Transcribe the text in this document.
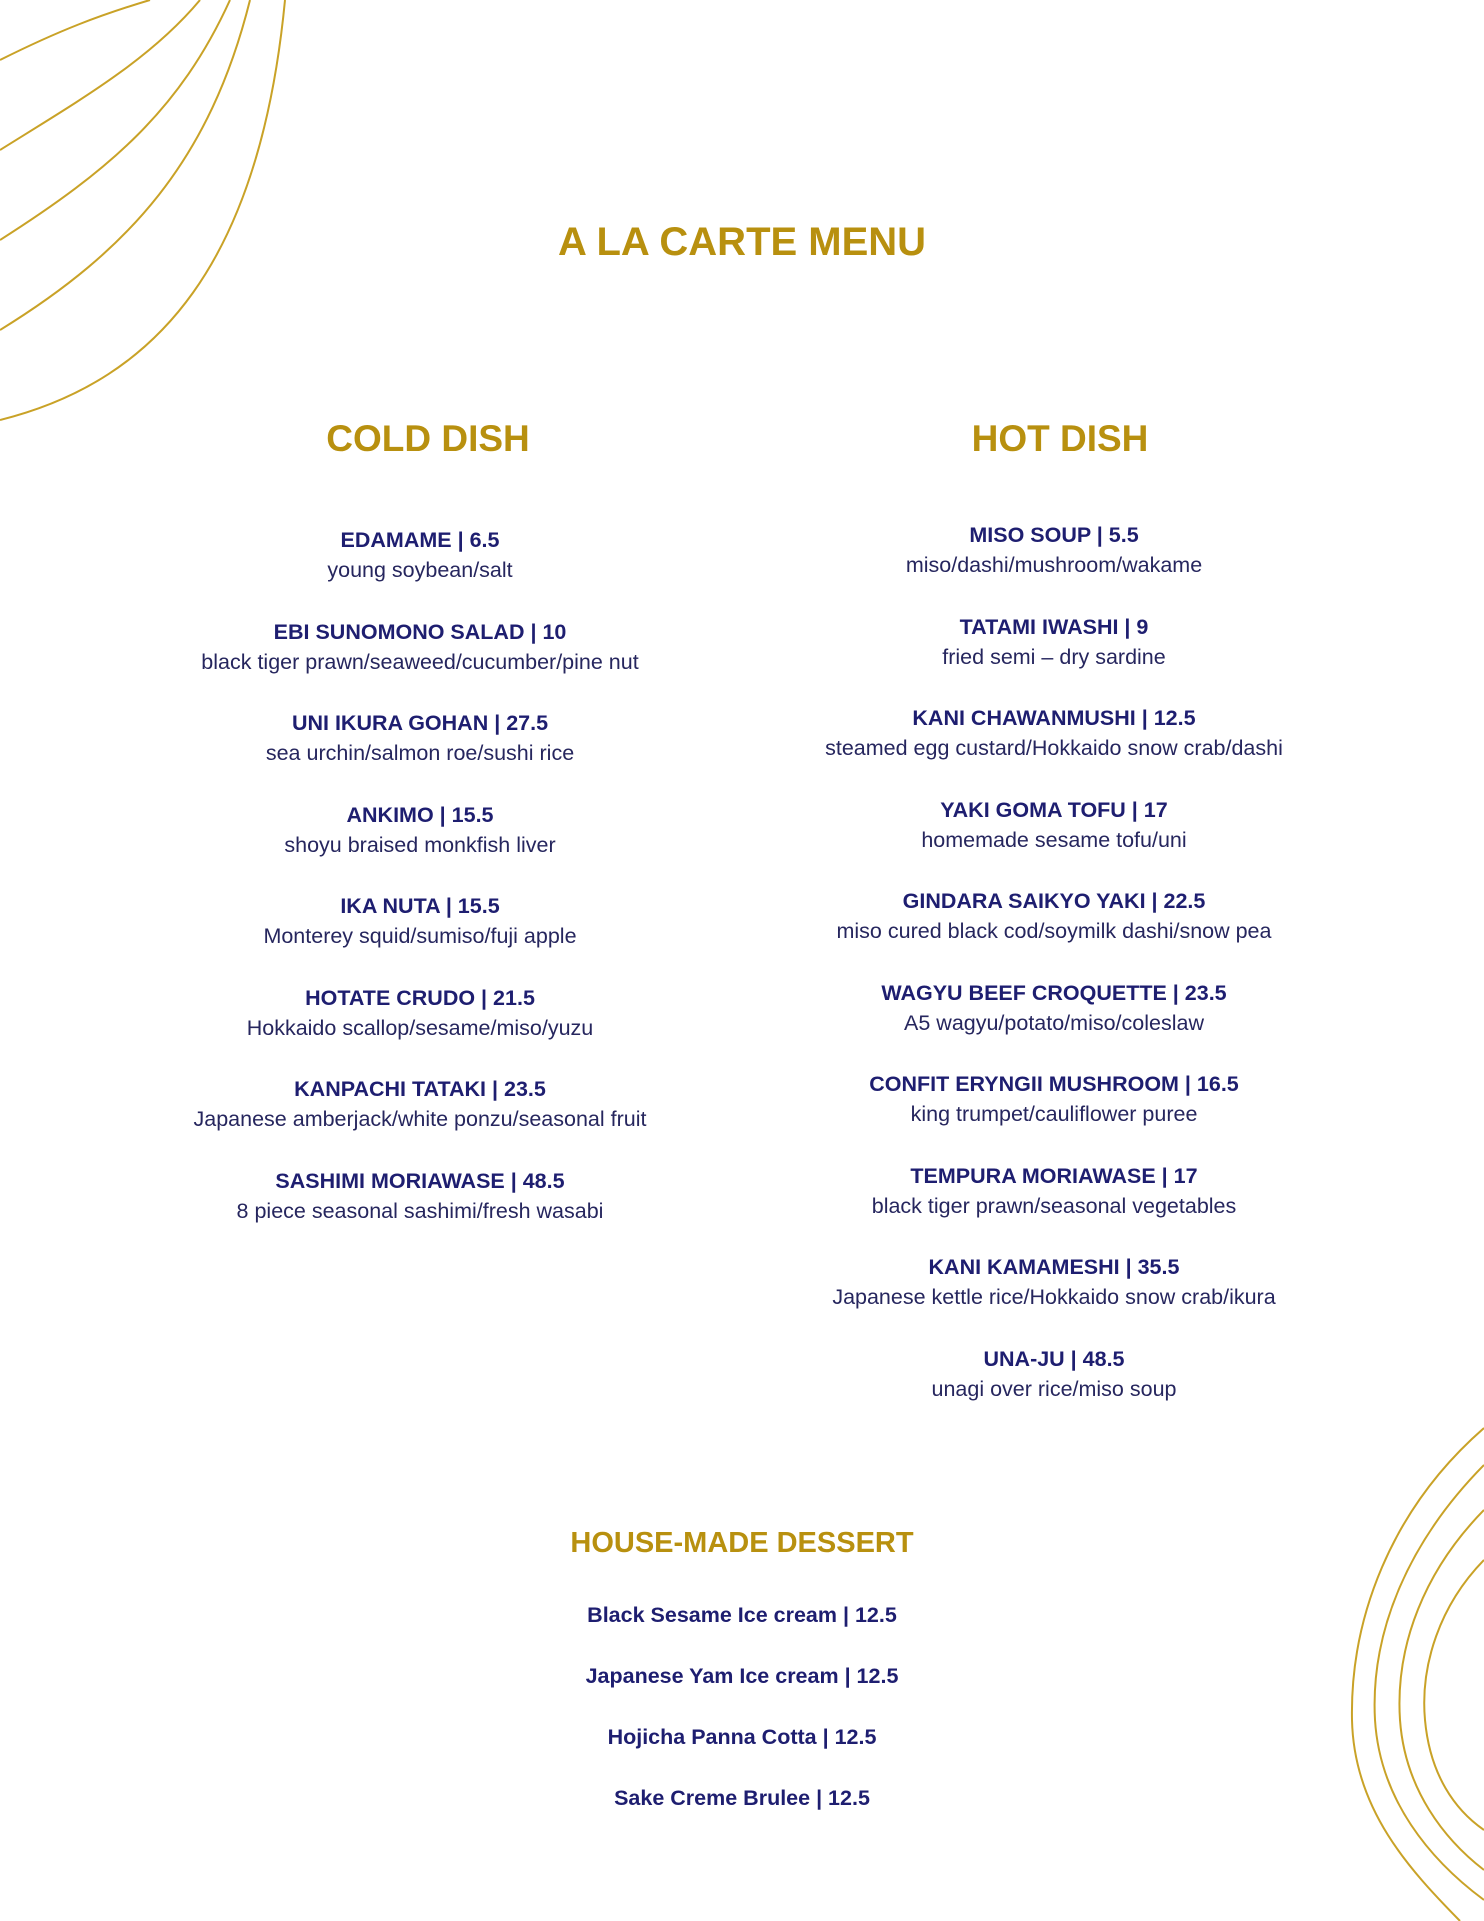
A LA CARTE MENU
COLD DISH	HOT DISH
EDAMAME | 6.5
young soybean/salt
EBI SUNOMONO SALAD | 10
black tiger prawn/seaweed/cucumber/pine nut
UNI IKURA GOHAN | 27.5
sea urchin/salmon roe/sushi rice
ANKIMO | 15.5
shoyu braised monkfish liver
IKA NUTA | 15.5
Monterey squid/sumiso/fuji apple
HOTATE CRUDO | 21.5
Hokkaido scallop/sesame/miso/yuzu
KANPACHI TATAKI | 23.5
Japanese amberjack/white ponzu/seasonal fruit
SASHIMI MORIAWASE | 48.5
8 piece seasonal sashimi/fresh wasabi
MISO SOUP | 5.5
miso/dashi/mushroom/wakame
TATAMI IWASHI | 9
fried semi – dry sardine
KANI CHAWANMUSHI | 12.5
steamed egg custard/Hokkaido snow crab/dashi
YAKI GOMA TOFU | 17
homemade sesame tofu/uni
GINDARA SAIKYO YAKI | 22.5
miso cured black cod/soymilk dashi/snow pea
WAGYU BEEF CROQUETTE | 23.5
A5 wagyu/potato/miso/coleslaw
CONFIT ERYNGII MUSHROOM | 16.5
king trumpet/cauliflower puree
TEMPURA MORIAWASE | 17
black tiger prawn/seasonal vegetables
KANI KAMAMESHI | 35.5
Japanese kettle rice/Hokkaido snow crab/ikura
UNA-JU | 48.5
unagi over rice/miso soup
HOUSE-MADE DESSERT
Black Sesame Ice cream | 12.5
Japanese Yam Ice cream | 12.5
Hojicha Panna Cotta | 12.5
Sake Creme Brulee | 12.5
